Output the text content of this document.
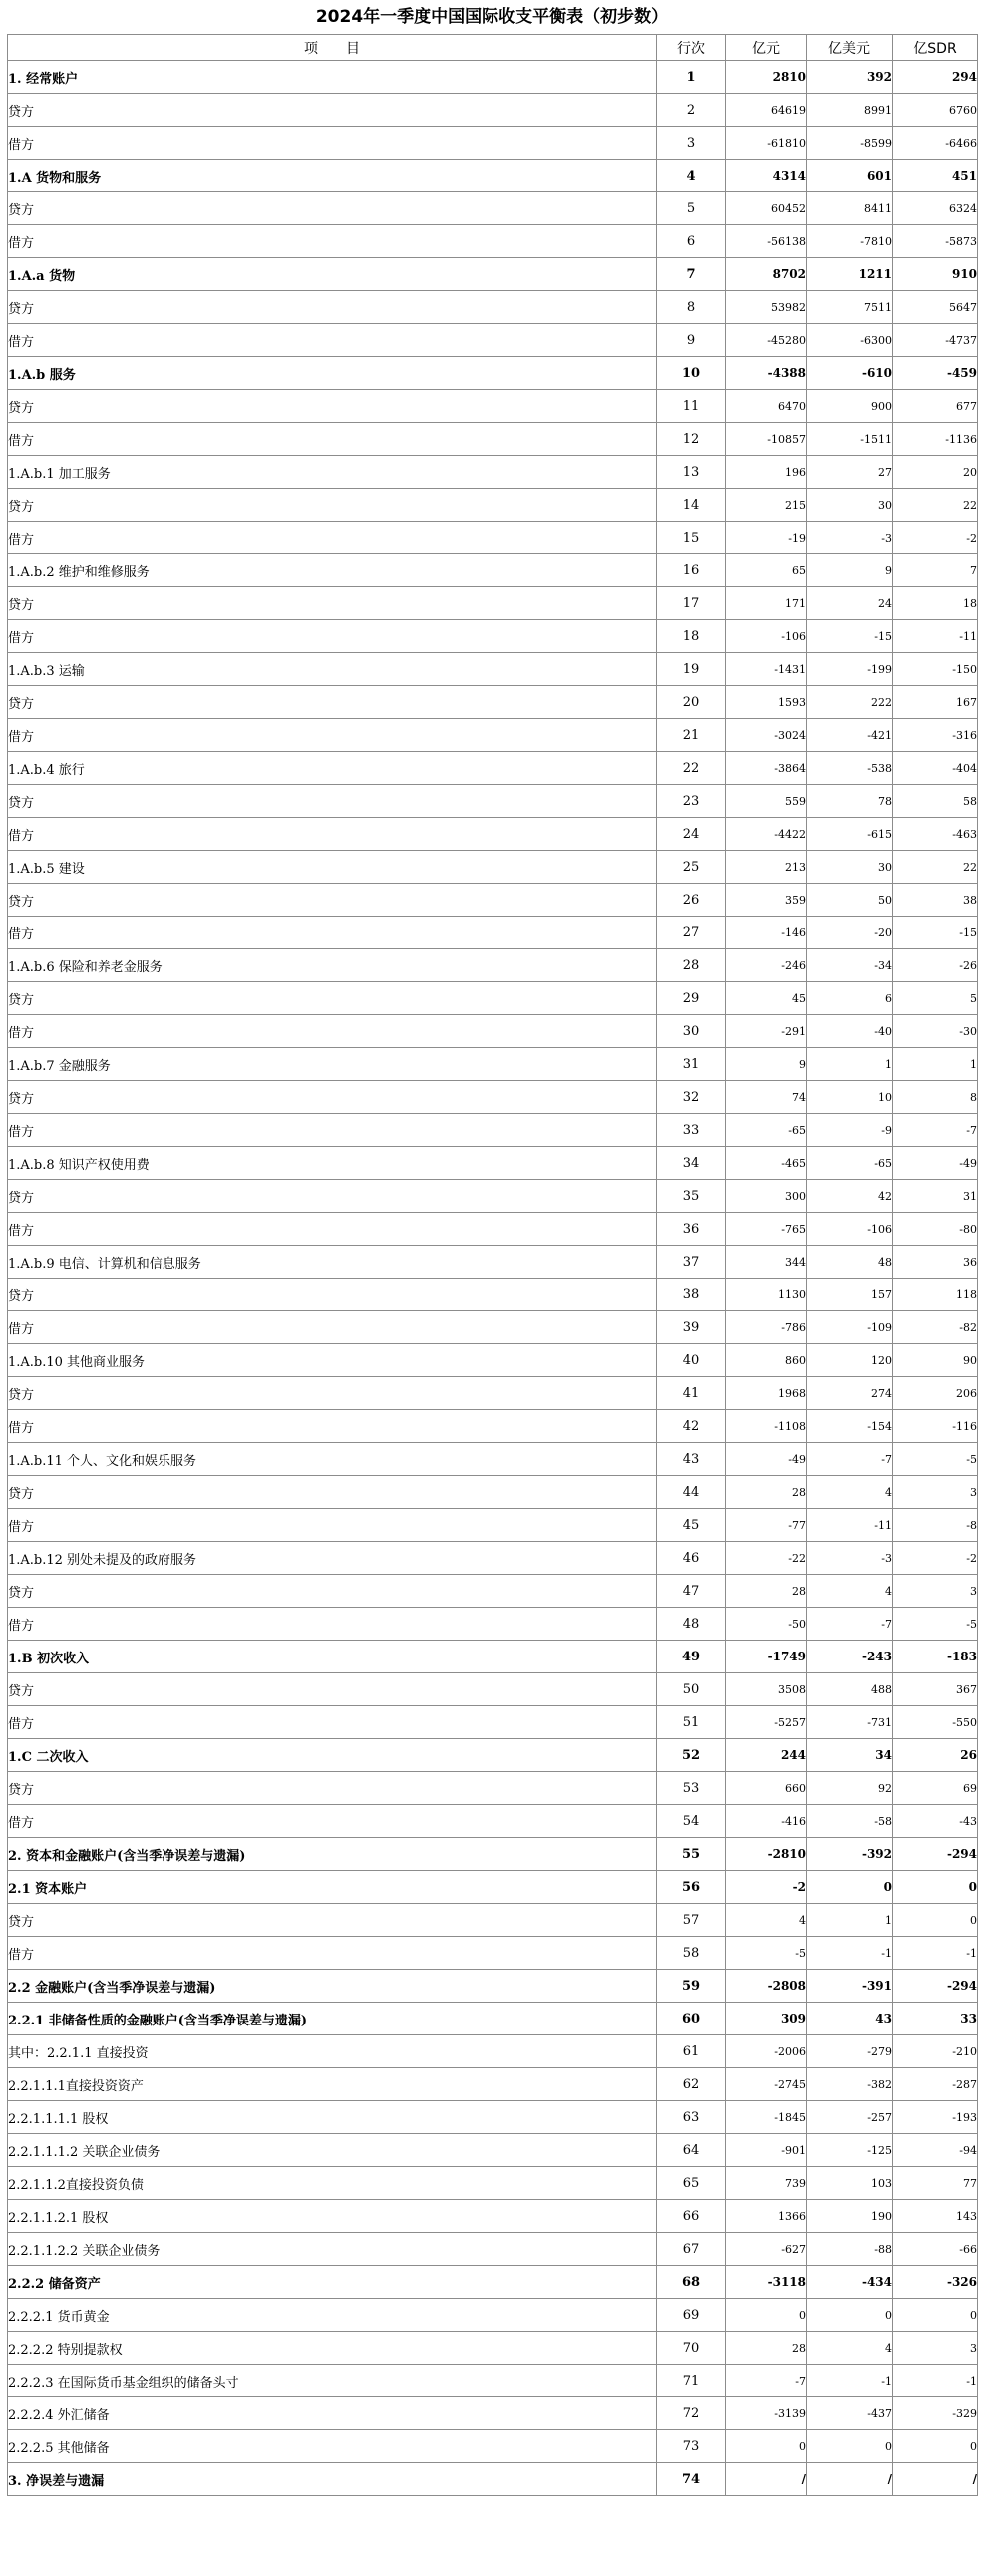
2024年一季度中国国际收支平衡表（初步数）
项　　目	行次	亿元	亿美元	亿SDR
1. 经常账户	1	2810	392	294
贷方	2	64619	8991	6760
借方	3	-61810	-8599	-6466
1.A 货物和服务	4	4314	601	451
贷方	5	60452	8411	6324
借方	6	-56138	-7810	-5873
1.A.a 货物	7	8702	1211	910
贷方	8	53982	7511	5647
借方	9	-45280	-6300	-4737
1.A.b 服务	10	-4388	-610	-459
贷方	11	6470	900	677
借方	12	-10857	-1511	-1136
1.A.b.1 加工服务	13	196	27	20
贷方	14	215	30	22
借方	15	-19	-3	-2
1.A.b.2 维护和维修服务	16	65	9	7
贷方	17	171	24	18
借方	18	-106	-15	-11
1.A.b.3 运输	19	-1431	-199	-150
贷方	20	1593	222	167
借方	21	-3024	-421	-316
1.A.b.4 旅行	22	-3864	-538	-404
贷方	23	559	78	58
借方	24	-4422	-615	-463
1.A.b.5 建设	25	213	30	22
贷方	26	359	50	38
借方	27	-146	-20	-15
1.A.b.6 保险和养老金服务	28	-246	-34	-26
贷方	29	45	6	5
借方	30	-291	-40	-30
1.A.b.7 金融服务	31	9	1	1
贷方	32	74	10	8
借方	33	-65	-9	-7
1.A.b.8 知识产权使用费	34	-465	-65	-49
贷方	35	300	42	31
借方	36	-765	-106	-80
1.A.b.9 电信、计算机和信息服务	37	344	48	36
贷方	38	1130	157	118
借方	39	-786	-109	-82
1.A.b.10 其他商业服务	40	860	120	90
贷方	41	1968	274	206
借方	42	-1108	-154	-116
1.A.b.11 个人、文化和娱乐服务	43	-49	-7	-5
贷方	44	28	4	3
借方	45	-77	-11	-8
1.A.b.12 别处未提及的政府服务	46	-22	-3	-2
贷方	47	28	4	3
借方	48	-50	-7	-5
1.B 初次收入	49	-1749	-243	-183
贷方	50	3508	488	367
借方	51	-5257	-731	-550
1.C 二次收入	52	244	34	26
贷方	53	660	92	69
借方	54	-416	-58	-43
2. 资本和金融账户(含当季净误差与遗漏)	55	-2810	-392	-294
2.1 资本账户	56	-2	0	0
贷方	57	4	1	0
借方	58	-5	-1	-1
2.2 金融账户(含当季净误差与遗漏)	59	-2808	-391	-294
2.2.1 非储备性质的金融账户(含当季净误差与遗漏)	60	309	43	33
其中：2.2.1.1 直接投资	61	-2006	-279	-210
2.2.1.1.1直接投资资产	62	-2745	-382	-287
2.2.1.1.1.1 股权	63	-1845	-257	-193
2.2.1.1.1.2 关联企业债务	64	-901	-125	-94
2.2.1.1.2直接投资负债	65	739	103	77
2.2.1.1.2.1 股权	66	1366	190	143
2.2.1.1.2.2 关联企业债务	67	-627	-88	-66
2.2.2 储备资产	68	-3118	-434	-326
2.2.2.1 货币黄金	69	0	0	0
2.2.2.2 特别提款权	70	28	4	3
2.2.2.3 在国际货币基金组织的储备头寸	71	-7	-1	-1
2.2.2.4 外汇储备	72	-3139	-437	-329
2.2.2.5 其他储备	73	0	0	0
3. 净误差与遗漏	74	/	/	/
